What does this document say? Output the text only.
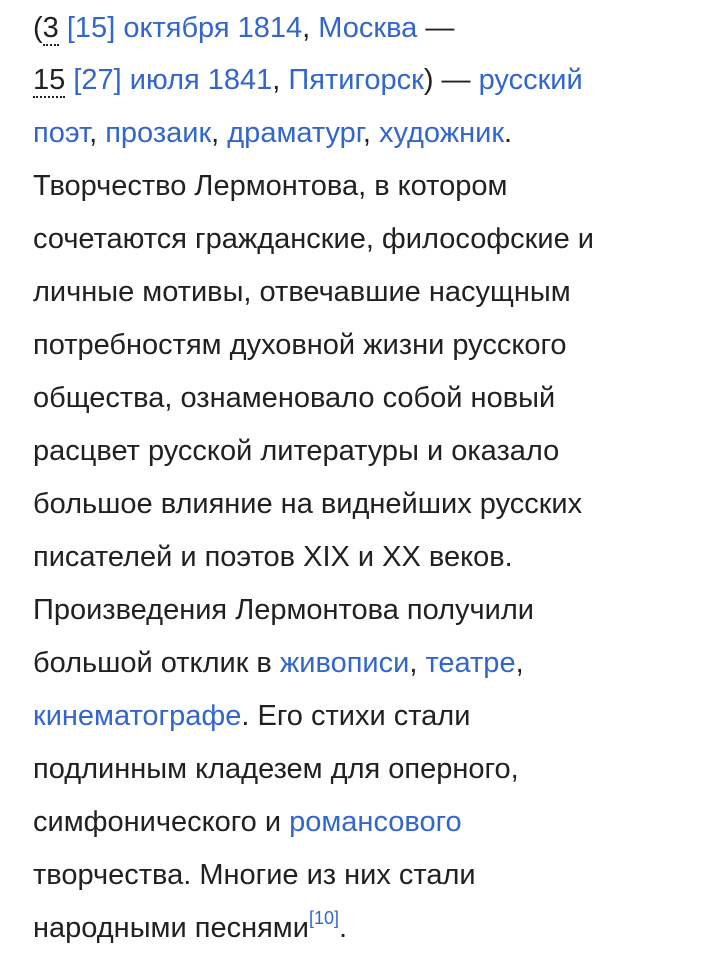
(3 [15] октября 1814, Москва —
15 [27] июля 1841, Пятигорск) — русский
поэт, прозаик, драматург, художник.
Творчество Лермонтова, в котором
сочетаются гражданские, философские и
личные мотивы, отвечавшие насущным
потребностям духовной жизни русского
общества, ознаменовало собой новый
расцвет русской литературы и оказало
большое влияние на виднейших русских
писателей и поэтов XIX и XX веков.
Произведения Лермонтова получили
большой отклик в живописи, театре,
кинематографе. Его стихи стали
подлинным кладезем для оперного,
симфонического и романсового
творчества. Многие из них стали
народными песнями[10].
